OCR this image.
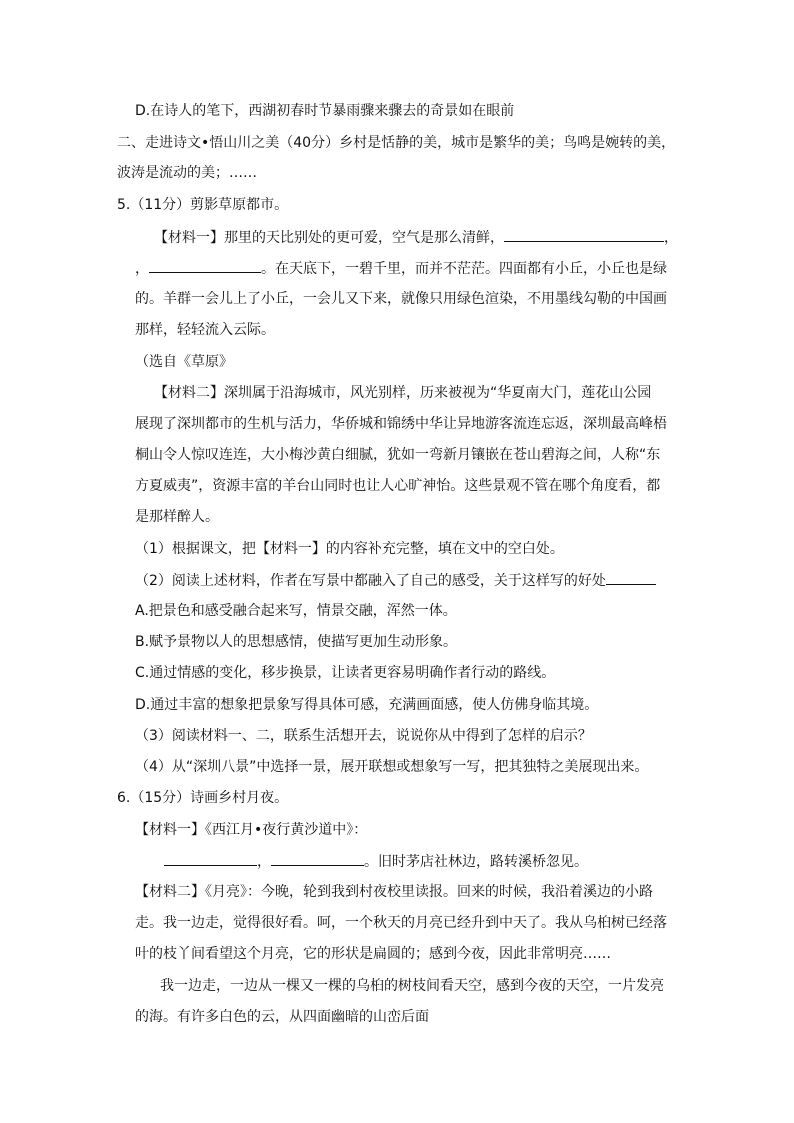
D.在诗人的笔下，西湖初春时节暴雨骤来骤去的奇景如在眼前
二、走进诗文•悟山川之美（40分）乡村是恬静的美，城市是繁华的美；鸟鸣是婉转的美，
波涛是流动的美；……
5.（11分）剪影草原都市。
【材料一】那里的天比别处的更可爱，空气是那么清鲜，	，
，	。在天底下，一碧千里，而并不茫茫。四面都有小丘，小丘也是绿
的。羊群一会儿上了小丘，一会儿又下来，就像只用绿色渲染，不用墨线勾勒的中国画
那样，轻轻流入云际。
（选自《草原》
【材料二】深圳属于沿海城市，风光别样，历来被视为“华夏南大门，莲花山公园
展现了深圳都市的生机与活力，华侨城和锦绣中华让异地游客流连忘返，深圳最高峰梧
桐山令人惊叹连连，大小梅沙黄白细腻，犹如一弯新月镶嵌在苍山碧海之间，人称“东
方夏威夷”，资源丰富的羊台山同时也让人心旷神怡。这些景观不管在哪个角度看，都
是那样醉人。
（1）根据课文，把【材料一】的内容补充完整，填在文中的空白处。
（2）阅读上述材料，作者在写景中都融入了自己的感受，关于这样写的好处
A.把景色和感受融合起来写，情景交融，浑然一体。
B.赋予景物以人的思想感情，使描写更加生动形象。
C.通过情感的变化，移步换景，让读者更容易明确作者行动的路线。
D.通过丰富的想象把景象写得具体可感，充满画面感，使人仿佛身临其境。
（3）阅读材料一、二，联系生活想开去，说说你从中得到了怎样的启示？
（4）从“深圳八景”中选择一景，展开联想或想象写一写，把其独特之美展现出来。
6.（15分）诗画乡村月夜。
【材料一】《西江月•夜行黄沙道中》：
，	。旧时茅店社林边，路转溪桥忽见。
【材料二】《月亮》：今晚，轮到我到村夜校里读报。回来的时候，我沿着溪边的小路
走。我一边走，觉得很好看。呵，一个秋天的月亮已经升到中天了。我从乌桕树已经落
叶的枝丫间看望这个月亮，它的形状是扁圆的；感到今夜，因此非常明亮……
我一边走，一边从一棵又一棵的乌桕的树枝间看天空，感到今夜的天空，一片发亮
的海。有许多白色的云，从四面幽暗的山峦后面
